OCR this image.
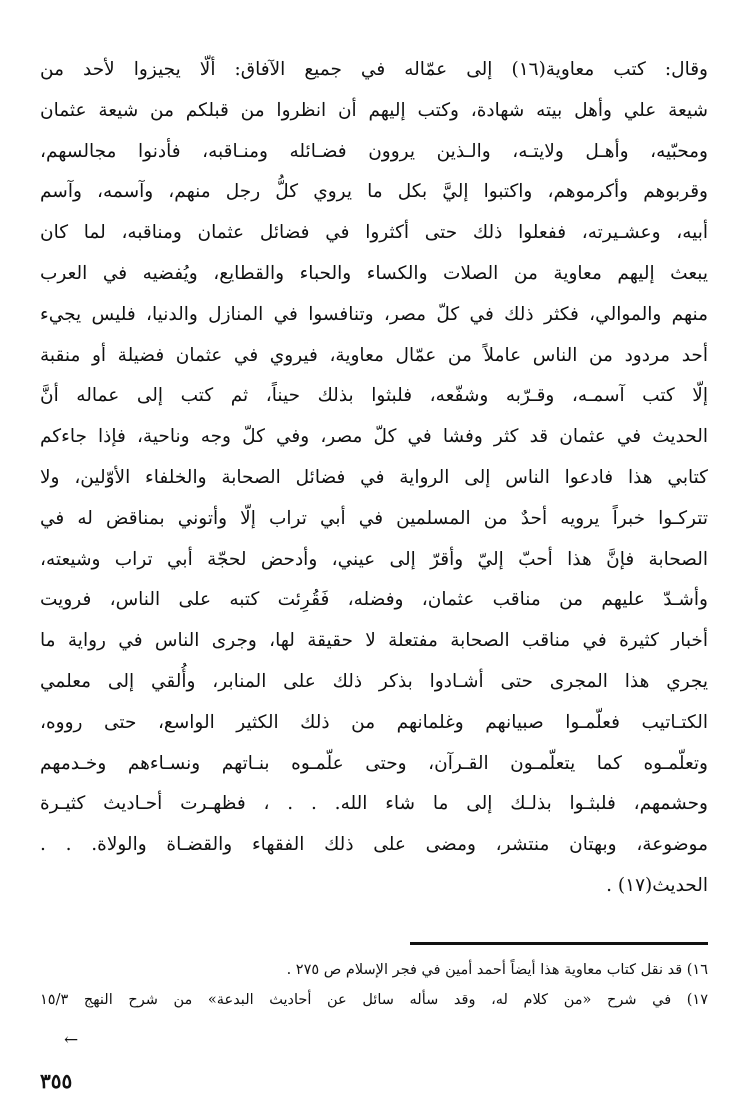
وقال: كتب معاوية(١٦) إلى عمّاله في جميع الآفاق: ألّا يجيزوا لأحد من
شيعة علي وأهل بيته شهادة، وكتب إليهم أن انظروا من قبلكم من شيعة عثمان
ومحبّيه، وأهـل ولايتـه، والـذين يروون فضـائله ومنـاقبه، فأدنوا مجالسهم،
وقربوهم وأكرموهم، واكتبوا إليَّ بكل ما يروي كلُّ رجل منهم، وآسمه، وآسم
أبيه، وعشـيرته، ففعلوا ذلك حتى أكثروا في فضائل عثمان ومناقبه، لما كان
يبعث إليهم معاوية من الصلات والكساء والحباء والقطايع، ويُفضيه في العرب
منهم والموالي، فكثر ذلك في كلّ مصر، وتنافسوا في المنازل والدنيا، فليس يجيء
أحد مردود من الناس عاملاً من عمّال معاوية، فيروي في عثمان فضيلة أو منقبة
إلّا كتب آسمـه، وقـرّبه وشفّعه، فلبثوا بذلك حيناً، ثم كتب إلى عماله أنَّ
الحديث في عثمان قد كثر وفشا في كلّ مصر، وفي كلّ وجه وناحية، فإذا جاءكم
كتابي هذا فادعوا الناس إلى الرواية في فضائل الصحابة والخلفاء الأوّلين، ولا
تتركـوا خبراً يرويه أحدٌ من المسلمين في أبي تراب إلّا وأتوني بمناقض له في
الصحابة فإنَّ هذا أحبّ إليّ وأقرّ إلى عيني، وأدحض لحجّة أبي تراب وشيعته،
وأشـدّ عليهم من مناقب عثمان، وفضله، فَقُرِئت كتبه على الناس، فرويت
أخبار كثيرة في مناقب الصحابة مفتعلة لا حقيقة لها، وجرى الناس في رواية ما
يجري هذا المجرى حتى أشـادوا بذكر ذلك على المنابر، وأُلقي إلى معلمي
الكتـاتيب فعلّمـوا صبيانهم وغلمانهم من ذلك الكثير الواسع، حتى رووه،
وتعلّمـوه كما يتعلّمـون القـرآن، وحتى علّمـوه بنـاتهم ونسـاءهم وخـدمهم
وحشمهم، فلبثـوا بذلـك إلى ما شاء الله. . . ، فظهـرت أحـاديث كثيـرة
موضوعة، وبهتان منتشر، ومضى على ذلك الفقهاء والقضـاة والولاة. . .
الحديث(١٧) .
١٦) قد نقل كتاب معاوية هذا أيضاً أحمد أمين في فجر الإسلام ص ٢٧٥ .
١٧) في شرح «من كلام له، وقد سأله سائل عن أحاديث البدعة» من شرح النهج ١٥/٣
←
٣٥٥
